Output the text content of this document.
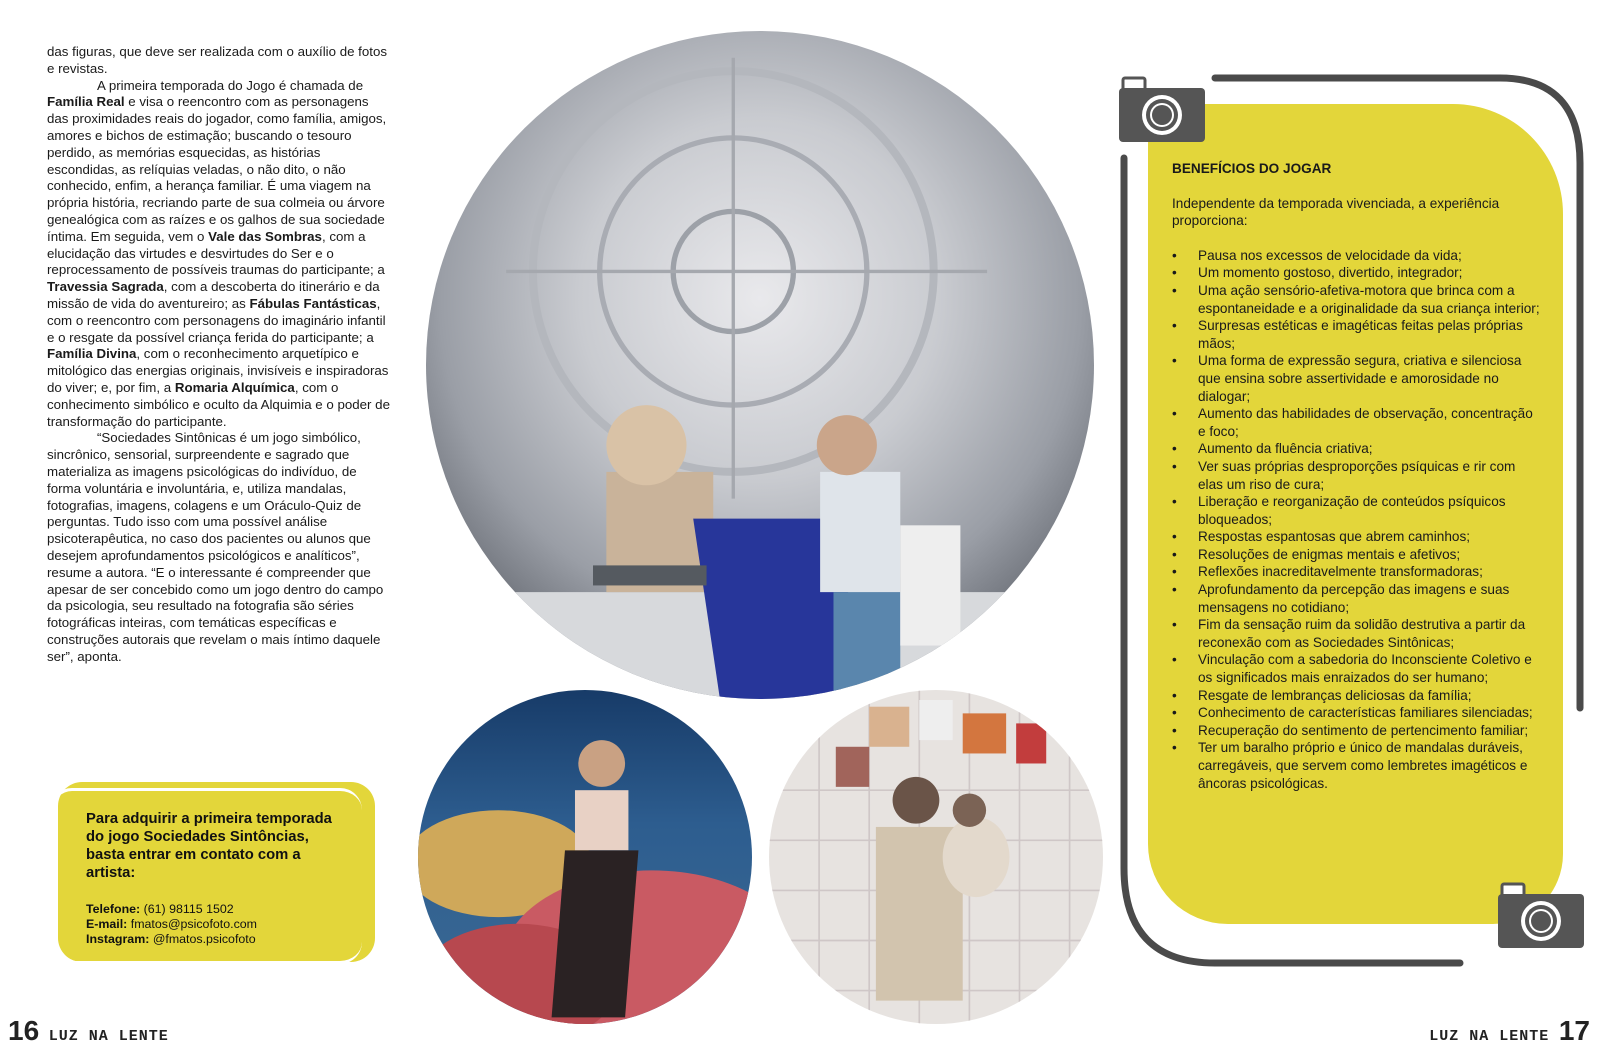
das figuras, que deve ser realizada com o auxílio de fotos e revistas.

A primeira temporada do Jogo é chamada de Família Real e visa o reencontro com as personagens das proximidades reais do jogador, como família, amigos, amores e bichos de estimação; buscando o tesouro perdido, as memórias esquecidas, as histórias escondidas, as relíquias veladas, o não dito, o não conhecido, enfim, a herança familiar. É uma viagem na própria história, recriando parte de sua colmeia ou árvore genealógica com as raízes e os galhos de sua sociedade íntima. Em seguida, vem o Vale das Sombras, com a elucidação das virtudes e desvirtudes do Ser e o reprocessamento de possíveis traumas do participante; a Travessia Sagrada, com a descoberta do itinerário e da missão de vida do aventureiro; as Fábulas Fantásticas, com o reencontro com personagens do imaginário infantil e o resgate da possível criança ferida do participante; a Família Divina, com o reconhecimento arquetípico e mitológico das energias originais, invisíveis e inspiradoras do viver; e, por fim, a Romaria Alquímica, com o conhecimento simbólico e oculto da Alquimia e o poder de transformação do participante.

“Sociedades Sintônicas é um jogo simbólico, sincrônico, sensorial, surpreendente e sagrado que materializa as imagens psicológicas do indivíduo, de forma voluntária e involuntária, e, utiliza mandalas, fotografias, imagens, colagens e um Oráculo-Quiz de perguntas. Tudo isso com uma possível análise psicoterapêutica, no caso dos pacientes ou alunos que desejem aprofundamentos psicológicos e analíticos”, resume a autora. “E o interessante é compreender que apesar de ser concebido como um jogo dentro do campo da psicologia, seu resultado na fotografia são séries fotográficas inteiras, com temáticas específicas e construções autorais que revelam o mais íntimo daquele ser”, aponta.

Para adquirir a primeira temporada do jogo Sociedades Sintôncias, basta entrar em contato com a artista:
Telefone: (61) 98115 1502
E-mail: fmatos@psicofoto.com
Instagram: @fmatos.psicofoto

BENEFÍCIOS DO JOGAR

Independente da temporada vivenciada, a experiência proporciona:

• Pausa nos excessos de velocidade da vida;
• Um momento gostoso, divertido, integrador;
• Uma ação sensório-afetiva-motora que brinca com a espontaneidade e a originalidade da sua criança interior;
• Surpresas estéticas e imagéticas feitas pelas próprias mãos;
• Uma forma de expressão segura, criativa e silenciosa que ensina sobre assertividade e amorosidade no dialogar;
• Aumento das habilidades de observação, concentração e foco;
• Aumento da fluência criativa;
• Ver suas próprias desproporções psíquicas e rir com elas um riso de cura;
• Liberação e reorganização de conteúdos psíquicos bloqueados;
• Respostas espantosas que abrem caminhos;
• Resoluções de enigmas mentais e afetivos;
• Reflexões inacreditavelmente transformadoras;
• Aprofundamento da percepção das imagens e suas mensagens no cotidiano;
• Fim da sensação ruim da solidão destrutiva a partir da reconexão com as Sociedades Sintônicas;
• Vinculação com a sabedoria do Inconsciente Coletivo e os significados mais enraizados do ser humano;
• Resgate de lembranças deliciosas da família;
• Conhecimento de características familiares silenciadas;
• Recuperação do sentimento de pertencimento familiar;
• Ter um baralho próprio e único de mandalas duráveis, carregáveis, que servem como lembretes imagéticos e âncoras psicológicas.
16 LUZ NA LENTE	LUZ NA LENTE 17
